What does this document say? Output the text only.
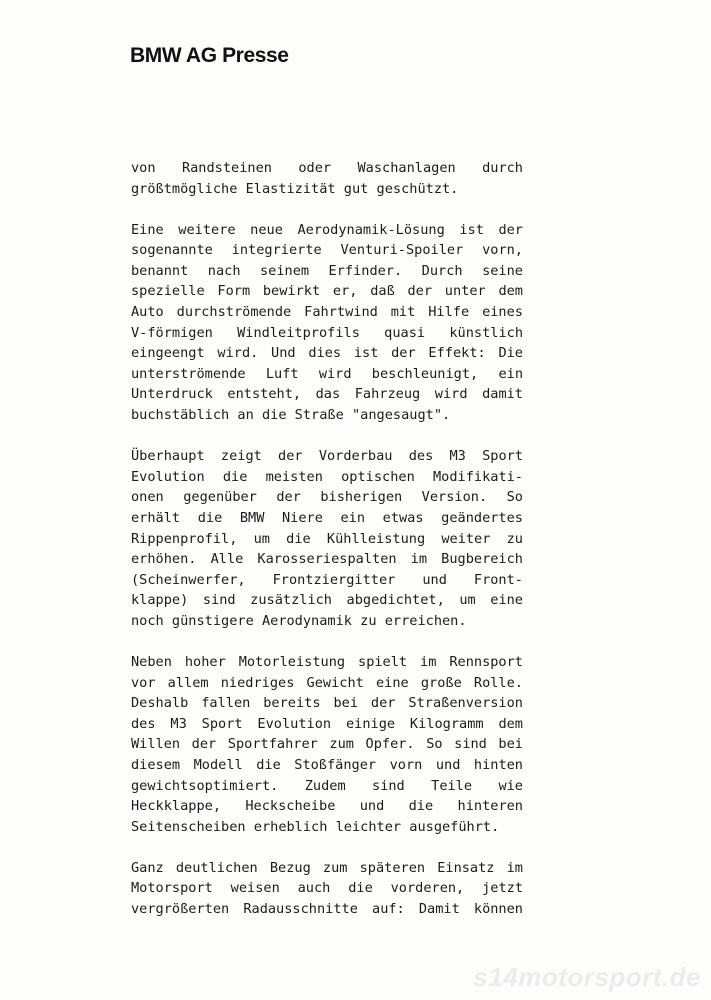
BMW AG Presse
von Randsteinen oder Waschanlagen durch
größtmögliche Elastizität gut geschützt.
Eine weitere neue Aerodynamik-Lösung ist der
sogenannte integrierte Venturi-Spoiler vorn,
benannt nach seinem Erfinder. Durch seine
spezielle Form bewirkt er, daß der unter dem
Auto durchströmende Fahrtwind mit Hilfe eines
V-förmigen Windleitprofils quasi künstlich
eingeengt wird. Und dies ist der Effekt: Die
unterströmende Luft wird beschleunigt, ein
Unterdruck entsteht, das Fahrzeug wird damit
buchstäblich an die Straße "angesaugt".
Überhaupt zeigt der Vorderbau des M3 Sport
Evolution die meisten optischen Modifikati-
onen gegenüber der bisherigen Version. So
erhält die BMW Niere ein etwas geändertes
Rippenprofil, um die Kühlleistung weiter zu
erhöhen. Alle Karosseriespalten im Bugbereich
(Scheinwerfer, Frontziergitter und Front-
klappe) sind zusätzlich abgedichtet, um eine
noch günstigere Aerodynamik zu erreichen.
Neben hoher Motorleistung spielt im Rennsport
vor allem niedriges Gewicht eine große Rolle.
Deshalb fallen bereits bei der Straßenversion
des M3 Sport Evolution einige Kilogramm dem
Willen der Sportfahrer zum Opfer. So sind bei
diesem Modell die Stoßfänger vorn und hinten
gewichtsoptimiert. Zudem sind Teile wie
Heckklappe, Heckscheibe und die hinteren
Seitenscheiben erheblich leichter ausgeführt.
Ganz deutlichen Bezug zum späteren Einsatz im
Motorsport weisen auch die vorderen, jetzt
vergrößerten Radausschnitte auf: Damit können
s14motorsport.de
